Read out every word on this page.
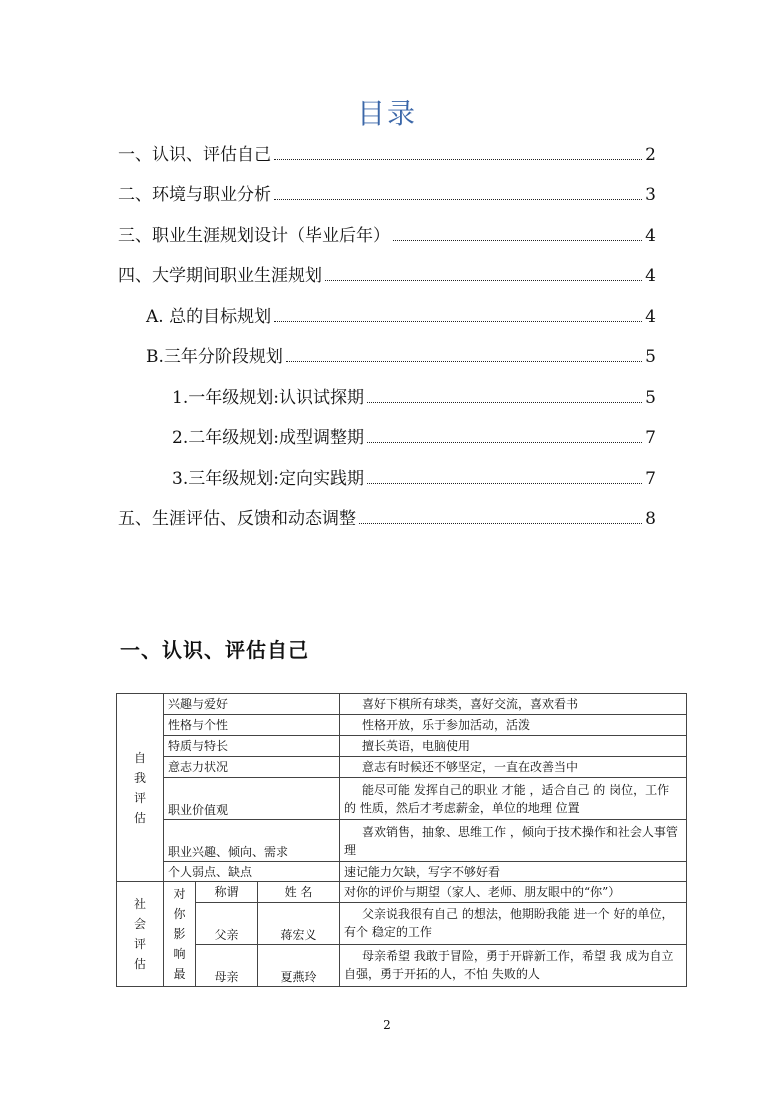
目录
一、认识、评估自己	2
二、环境与职业分析	3
三、职业生涯规划设计（毕业后年）	4
四、大学期间职业生涯规划	4
A. 总的目标规划	4
B.三年分阶段规划	5
1.一年级规划:认识试探期	5
2.二年级规划:成型调整期	7
3.三年级规划:定向实践期	7
五、生涯评估、反馈和动态调整	8
一、认识、评估自己
自
我
评
估	兴趣与爱好	喜好下棋所有球类，喜好交流，喜欢看书
	性格与个性	性格开放，乐于参加活动，活泼
	特质与特长	擅长英语，电脑使用
	意志力状况	意志有时候还不够坚定，一直在改善当中
	职业价值观	能尽可能 发挥自己的职业 才能 ，适合自己 的 岗位，工作 的 性质，然后才考虑薪金，单位的地理 位置
	职业兴趣、倾向、需求	喜欢销售，抽象、思维工作 ，倾向于技术操作和社会人事管理
	个人弱点、缺点	速记能力欠缺，写字不够好看
社
会
评
估	对
你
影
响
最	称谓	姓 名	对你的评价与期望（家人、老师、朋友眼中的“你”）
		父亲	蒋宏义	父亲说我很有自己 的想法，他期盼我能 进一个 好的单位，有个 稳定的工作
		母亲	夏燕玲	母亲希望 我敢于冒险，勇于开辟新工作，希望 我 成为自立自强，勇于开拓的人，不怕 失败的人

2
